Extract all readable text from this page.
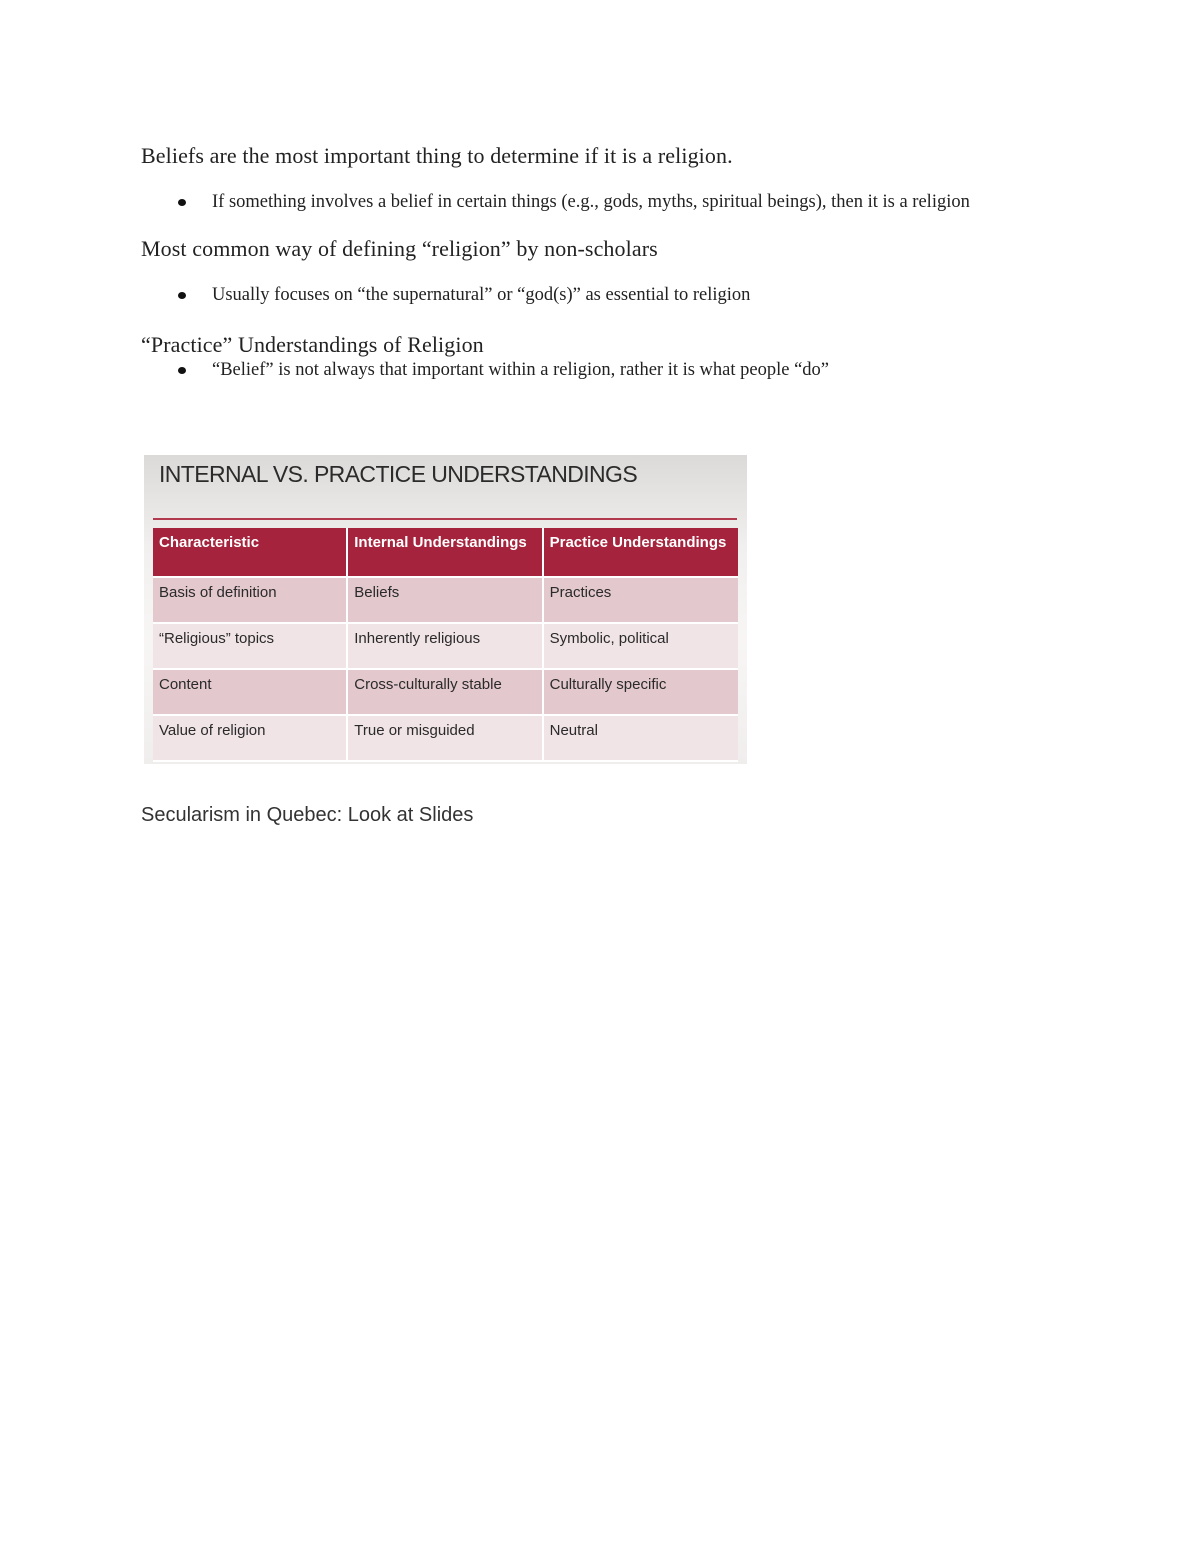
Beliefs are the most important thing to determine if it is a religion.
If something involves a belief in certain things (e.g., gods, myths, spiritual beings), then it is a religion
Most common way of defining “religion” by non-scholars
Usually focuses on “the supernatural” or “god(s)” as essential to religion
“Practice” Understandings of Religion
“Belief” is not always that important within a religion, rather it is what people “do”
INTERNAL VS. PRACTICE UNDERSTANDINGS
Characteristic	Internal Understandings	Practice Understandings
Basis of definition	Beliefs	Practices
“Religious” topics	Inherently religious	Symbolic, political
Content	Cross-culturally stable	Culturally specific
Value of religion	True or misguided	Neutral
Secularism in Quebec: Look at Slides
